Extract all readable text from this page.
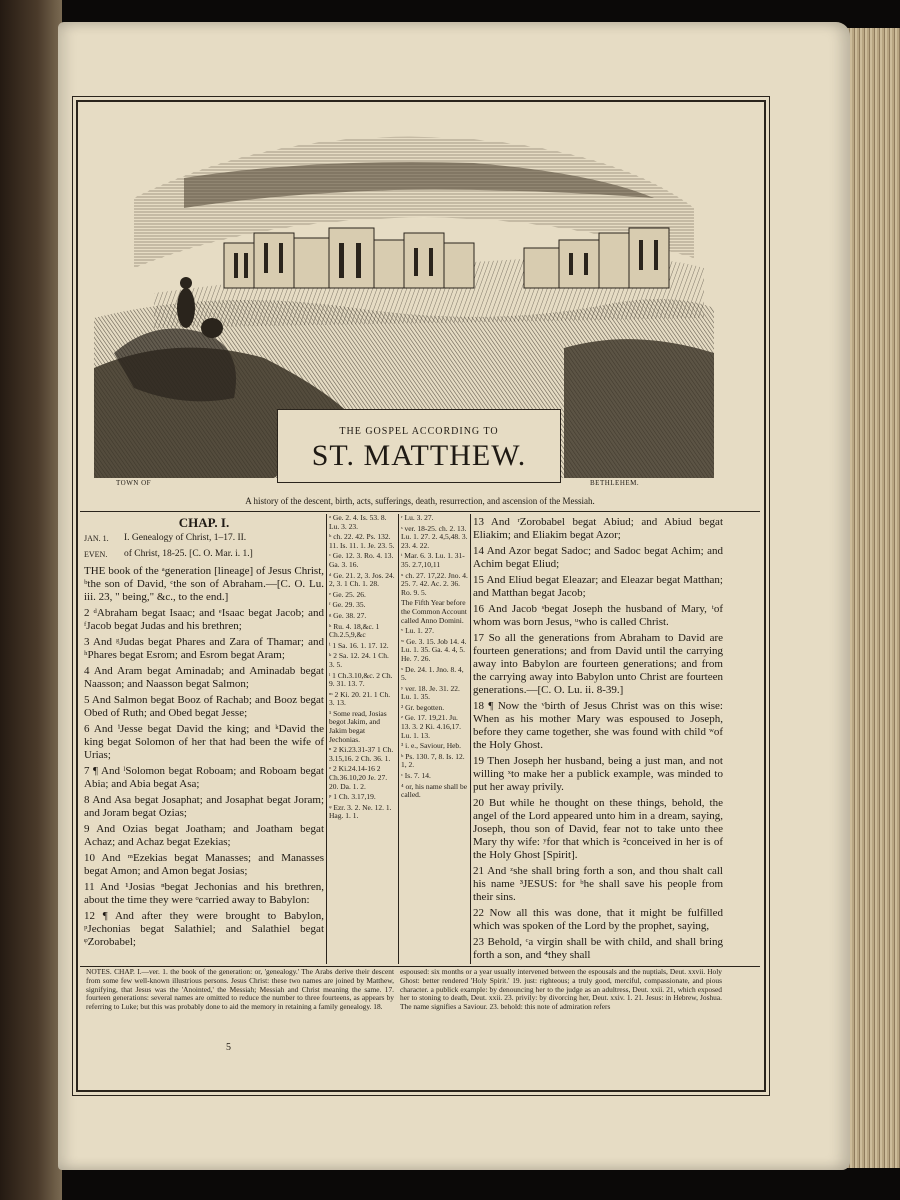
THE GOSPEL ACCORDING TO
ST. MATTHEW.
TOWN OF	BETHLEHEM.
A history of the descent, birth, acts, sufferings, death, resurrection, and ascension of the Messiah.
CHAP. I.
JAN. 1.	I. Genealogy of Christ, 1–17. II.
EVEN.	of Christ, 18-25. [C. O. Mar. i. 1.]
THE book of the ᵃgeneration [lineage] of Jesus Christ, ᵇthe son of David, ᶜthe son of Abraham.—[C. O. Lu. iii. 23, " being," &c., to the end.]
2 ᵈAbraham begat Isaac; and ᵉIsaac begat Jacob; and ᶠJacob begat Judas and his brethren;
3 And ᵍJudas begat Phares and Zara of Thamar; and ʰPhares begat Esrom; and Esrom begat Aram;
4 And Aram begat Aminadab; and Aminadab begat Naasson; and Naasson begat Salmon;
5 And Salmon begat Booz of Rachab; and Booz begat Obed of Ruth; and Obed begat Jesse;
6 And ⁱJesse begat David the king; and ᵏDavid the king begat Solomon of her that had been the wife of Urias;
7 ¶ And ˡSolomon begat Roboam; and Roboam begat Abia; and Abia begat Asa;
8 And Asa begat Josaphat; and Josaphat begat Joram; and Joram begat Ozias;
9 And Ozias begat Joatham; and Joatham begat Achaz; and Achaz begat Ezekias;
10 And ᵐEzekias begat Manasses; and Manasses begat Amon; and Amon begat Josias;
11 And ¹Josias ⁿbegat Jechonias and his brethren, about the time they were ᵒcarried away to Babylon:
12 ¶ And after they were brought to Babylon, ᵖJechonias begat Salathiel; and Salathiel begat ᵠZorobabel;
ᵃ Ge. 2. 4. Is. 53. 8. Lu. 3. 23.
ᵇ ch. 22. 42. Ps. 132. 11. Is. 11. 1. Je. 23. 5.
ᶜ Ge. 12. 3. Ro. 4. 13. Ga. 3. 16.
ᵈ Ge. 21. 2, 3. Jos. 24. 2, 3. 1 Ch. 1. 28.
ᵉ Ge. 25. 26.
ᶠ Ge. 29. 35.
ᵍ Ge. 38. 27.
ʰ Ru. 4. 18,&c. 1 Ch.2.5,9,&c
ⁱ 1 Sa. 16. 1. 17. 12.
ᵏ 2 Sa. 12. 24. 1 Ch. 3. 5.
ˡ 1 Ch.3.10,&c. 2 Ch. 9. 31. 13. 7.
ᵐ 2 Ki. 20. 21. 1 Ch. 3. 13.
¹ Some read, Josias begot Jakim, and Jakim begat Jechonias.
ⁿ 2 Ki.23.31-37 1 Ch. 3.15,16. 2 Ch. 36. 1.
ᵒ 2 Ki.24.14-16 2 Ch.36.10,20 Je. 27. 20. Da. 1. 2.
ᵖ 1 Ch. 3.17,19.
ᵠ Ezr. 3. 2. Ne. 12. 1. Hag. 1. 1.
ʳ Lu. 3. 27.
ˢ ver. 18-25. ch. 2. 13. Lu. 1. 27. 2. 4,5,48. 3. 23. 4. 22.
ᵗ Mar. 6. 3. Lu. 1. 31-35. 2.7,10,11
ᵘ ch. 27. 17,22. Jno. 4. 25. 7. 42. Ac. 2. 36. Ro. 9. 5.
The Fifth Year before the Common Account called Anno Domini.
ᵛ Lu. 1. 27.
ʷ Ge. 3. 15. Job 14. 4. Lu. 1. 35. Ga. 4. 4, 5. He. 7. 26.
ˣ De. 24. 1. Jno. 8. 4, 5.
ʸ ver. 18. Je. 31. 22. Lu. 1. 35.
² Gr. begotten.
ᶻ Ge. 17. 19,21. Ju. 13. 3. 2 Ki. 4.16,17. Lu. 1. 13.
³ i. e., Saviour, Heb.
ᵇ Ps. 130. 7, 8. Is. 12. 1, 2.
ᶜ Is. 7. 14.
⁴ or, his name shall be called.
13 And ʳZorobabel begat Abiud; and Abiud begat Eliakim; and Eliakim begat Azor;
14 And Azor begat Sadoc; and Sadoc begat Achim; and Achim begat Eliud;
15 And Eliud begat Eleazar; and Eleazar begat Matthan; and Matthan begat Jacob;
16 And Jacob ˢbegat Joseph the husband of Mary, ᵗof whom was born Jesus, ᵘwho is called Christ.
17 So all the generations from Abraham to David are fourteen generations; and from David until the carrying away into Babylon are fourteen generations; and from the carrying away into Babylon unto Christ are fourteen generations.—[C. O. Lu. ii. 8-39.]
18 ¶ Now the ᵛbirth of Jesus Christ was on this wise: When as his mother Mary was espoused to Joseph, before they came together, she was found with child ʷof the Holy Ghost.
19 Then Joseph her husband, being a just man, and not willing ˣto make her a publick example, was minded to put her away privily.
20 But while he thought on these things, behold, the angel of the Lord appeared unto him in a dream, saying, Joseph, thou son of David, fear not to take unto thee Mary thy wife: ʸfor that which is ²conceived in her is of the Holy Ghost [Spirit].
21 And ᶻshe shall bring forth a son, and thou shalt call his name ³JESUS: for ᵇhe shall save his people from their sins.
22 Now all this was done, that it might be fulfilled which was spoken of the Lord by the prophet, saying,
23 Behold, ᶜa virgin shall be with child, and shall bring forth a son, and ⁴they shall
NOTES. CHAP. I.—ver. 1. the book of the generation: or, 'genealogy.' The Arabs derive their descent from some few well-known illustrious persons. Jesus Christ: these two names are joined by Matthew, signifying, that Jesus was the 'Anointed,' the Messiah; Messiah and Christ meaning the same. 17. fourteen generations: several names are omitted to reduce the number to three fourteens, as appears by referring to Luke; but this was probably done to aid the memory in retaining a family genealogy. 18.
espoused: six months or a year usually intervened between the espousals and the nuptials, Deut. xxvii. Holy Ghost: better rendered 'Holy Spirit.' 19. just: righteous; a truly good, merciful, compassionate, and pious character. a publick example: by denouncing her to the judge as an adultress, Deut. xxii. 21, which exposed her to stoning to death, Deut. xxii. 23. privily: by divorcing her, Deut. xxiv. 1. 21. Jesus: in Hebrew, Joshua. The name signifies a Saviour. 23. behold: this note of admiration refers
5
